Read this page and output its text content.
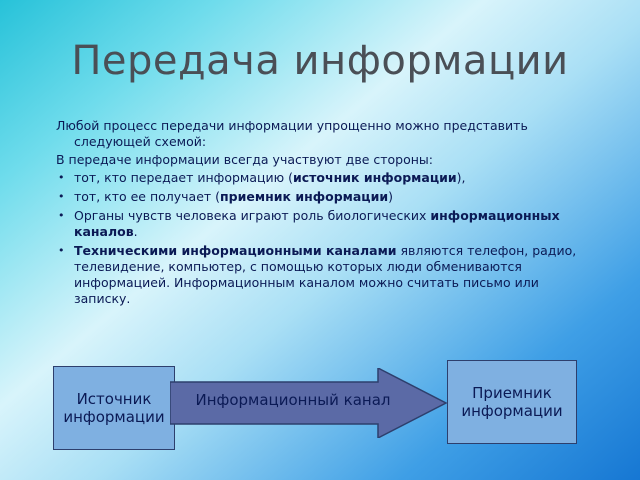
Передача информации

Любой процесс передачи информации упрощенно можно представить следующей схемой:

В передаче информации всегда участвуют две стороны:

• тот, кто передает информацию (источник информации),
• тот, кто ее получает (приемник информации)
• Органы чувств человека играют роль биологических информационных каналов.
• Техническими информационными каналами являются телефон, радио, телевидение, компьютер, с помощью которых люди обмениваются информацией. Информационным каналом можно считать письмо или записку.
Источник информации
Информационный канал	Приемник информации
